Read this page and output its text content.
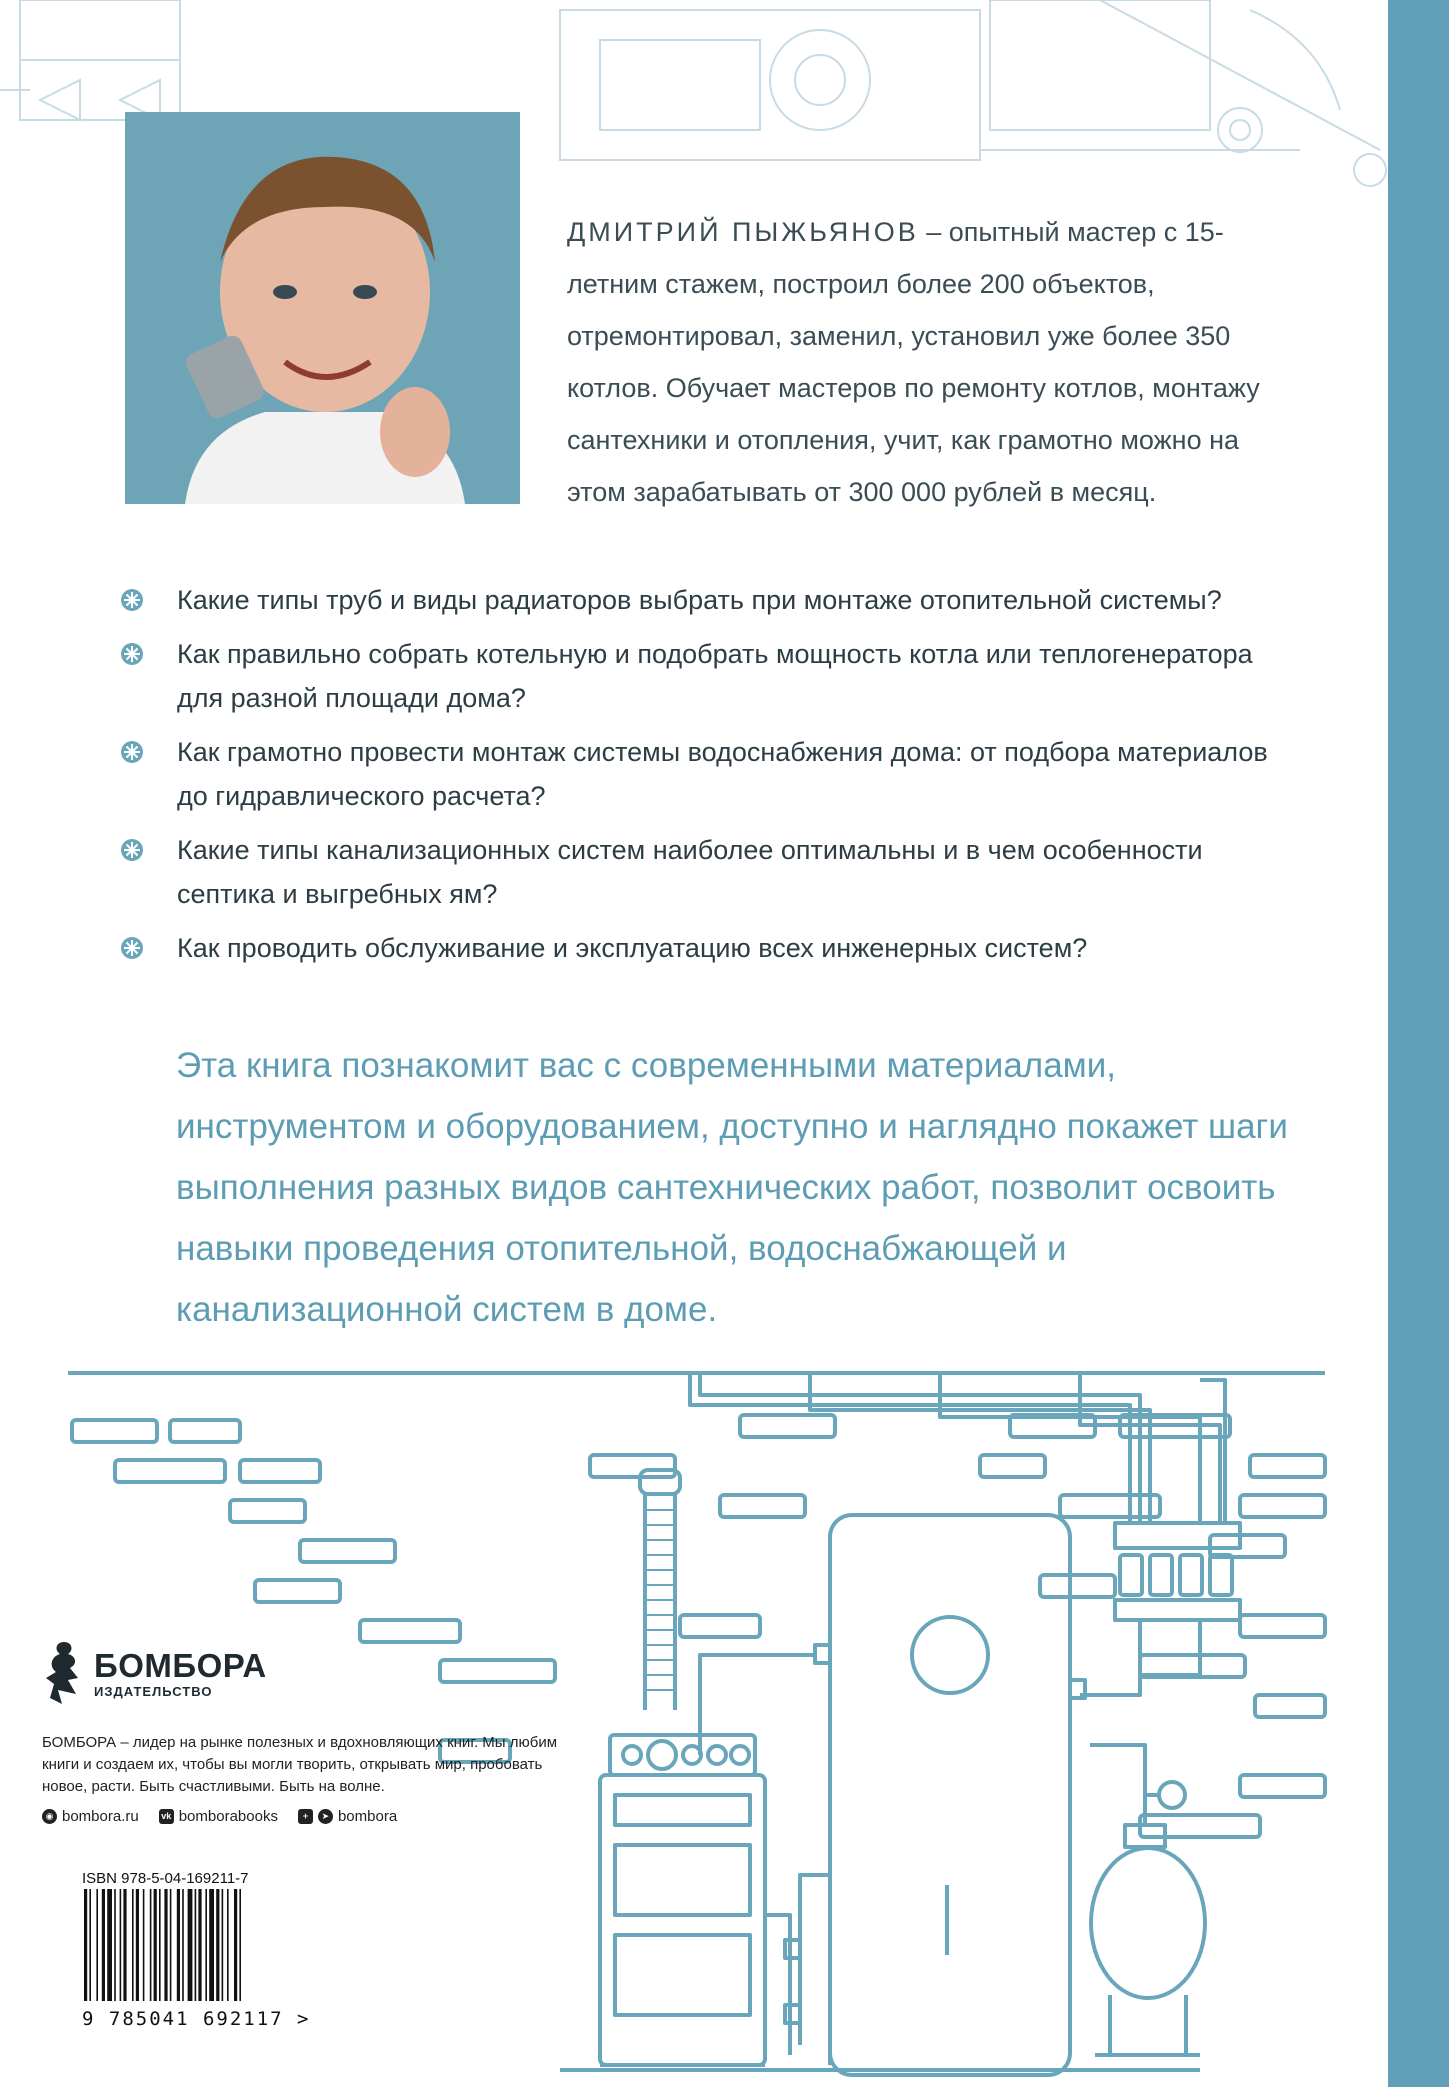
ДМИТРИЙ ПЫЖЬЯНОВ – опытный мастер с 15-летним стажем, построил более 200 объектов, отремонтировал, заменил, установил уже более 350 котлов. Обучает мастеров по ремонту котлов, монтажу сантехники и отопления, учит, как грамотно можно на этом зарабатывать от 300 000 рублей в месяц.

Какие типы труб и виды радиаторов выбрать при монтаже отопительной системы?
Как правильно собрать котельную и подобрать мощность котла или теплогенератора для разной площади дома?
Как грамотно провести монтаж системы водоснабжения дома: от подбора материалов до гидравлического расчета?
Какие типы канализационных систем наиболее оптимальны и в чем особенности септика и выгребных ям?
Как проводить обслуживание и эксплуатацию всех инженерных систем?

Эта книга познакомит вас с современными материалами, инструментом и оборудованием, доступно и наглядно покажет шаги выполнения разных видов сантехнических работ, позволит освоить навыки проведения отопительной, водоснабжающей и канализационной систем в доме.

БОМБОРА
ИЗДАТЕЛЬСТВО
БОМБОРА – лидер на рынке полезных и вдохновляющих книг. Мы любим книги и создаем их, чтобы вы могли творить, открывать мир, пробовать новое, расти. Быть счастливыми. Быть на волне.
◉ bombora.ru vk bomborabooks	+	➤ bombora

ISBN 978-5-04-169211-7

9 785041 692117 >
